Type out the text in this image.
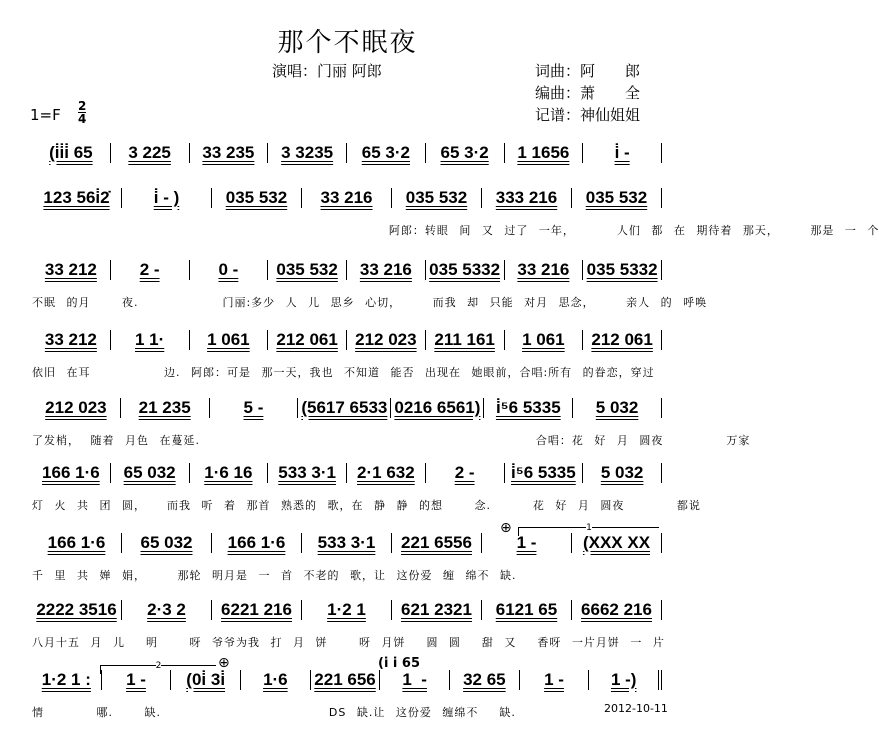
那个不眠夜
演唱：门丽 阿郎	词曲：阿　　郎
编曲：萧　　全
记谱：神仙姐姐
$1=F \frac{2}{4}$
(i̇i̇i̇ 65 3 225 33 235 3 3235 65 3·2 65 3·2 1 1656	i̇ -
123 56i̇2̇	i̇ - )	035 532 33 216 035 532 333 216 035 532
阿郎：转眼 间 又 过了 一年，    人们 都 在 期待着 那天，   那是 一 个
33 212	2 -	0 - 035 532 33 216 035 5332 33 216 035 5332
不眠 的月   夜.        门丽:多少 人 儿 思乡 心切，   而我 却 只能 对月 思念，   亲人 的 呼唤
33 212 1 1·	1 061 212 061 212 023 211 161 1 061 212 061
依旧 在耳       边. 阿郎：可是 那一天，我也 不知道 能否 出现在 她眼前，合唱:所有 的眷恋，穿过
212 023 21 235	5 - (5617 6533 0216 6561) i̇⁵6 5335 5 032
了发梢， 随着 月色 在蔓延.                                合唱：花 好 月 圆夜      万家
166 1·6 65 032 1·6 16 533 3·1 2·1 632 2 - i̇⁵6 5335 5 032
灯 火 共 团 圆，  而我 听 着 那首 熟悉的 歌，在 静 静 的想   念.    花 好 月 圆夜     都说
166 1·6 65 032 166 1·6 533 3·1 221 6556	1 -	(XXX XX
千 里 共 婵 娟，   那轮 明月是 一 首 不老的 歌，让 这份爱 缠 绵不 缺.
2222 3516 2·3 2 6221 216 1·2 1 621 2321 6121 65 6662 216
八月十五 月 儿  明   呀 爷爷为我 打 月 饼   呀 月饼  圆 圆  甜 又  香呀 一片月饼 一 片
1·2 1 : 1 - (0i̇ 3i̇ 1·6 221 656 1  - 32 65 1 -	1 -)
情     哪.   缺.                DS 缺.让 这份爱 缠绵不  缺.
⊕	1
2	⊕	(i̇ i̇ 65
2012-10-11
